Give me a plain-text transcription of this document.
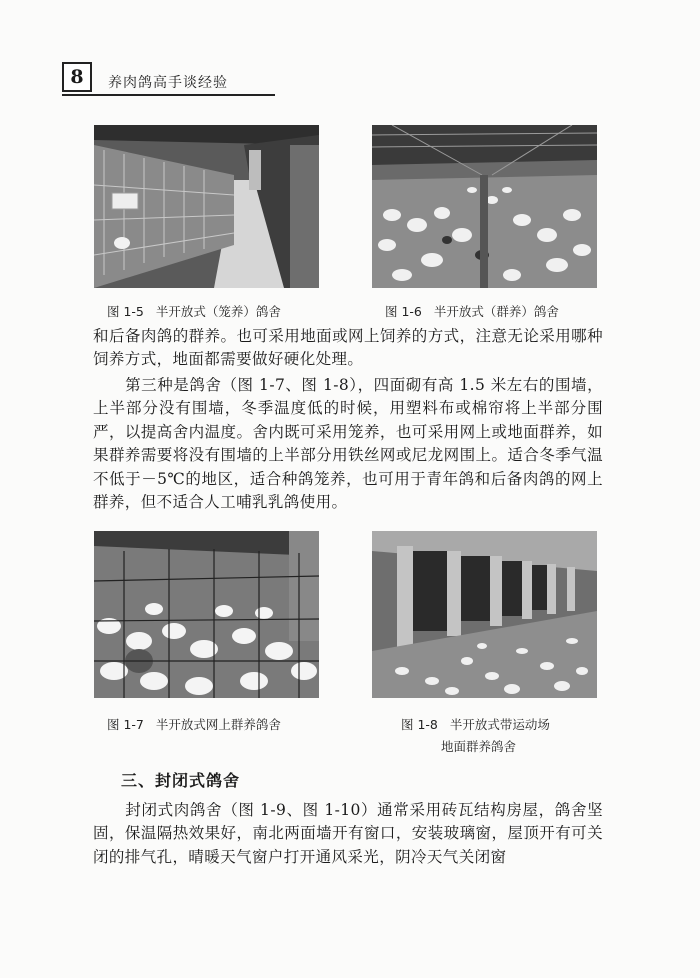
8	养肉鸽高手谈经验
图 1-5 半开放式（笼养）鸽舍	图 1-6 半开放式（群养）鸽舍

和后备肉鸽的群养。也可采用地面或网上饲养的方式，注意无论采用哪种饲养方式，地面都需要做好硬化处理。

　　第三种是鸽舍（图 1-7、图 1-8），四面砌有高 1.5 米左右的围墙，上半部分没有围墙，冬季温度低的时候，用塑料布或棉帘将上半部分围严，以提高舍内温度。舍内既可采用笼养，也可采用网上或地面群养，如果群养需要将没有围墙的上半部分用铁丝网或尼龙网围上。适合冬季气温不低于－5℃的地区，适合种鸽笼养，也可用于青年鸽和后备肉鸽的网上群养，但不适合人工哺乳乳鸽使用。

图 1-7 半开放式网上群养鸽舍	图 1-8 半开放式带运动场
地面群养鸽舍
三、封闭式鸽舍

　　封闭式肉鸽舍（图 1-9、图 1-10）通常采用砖瓦结构房屋，鸽舍坚固，保温隔热效果好，南北两面墙开有窗口，安装玻璃窗，屋顶开有可关闭的排气孔，晴暖天气窗户打开通风采光，阴冷天气关闭窗
